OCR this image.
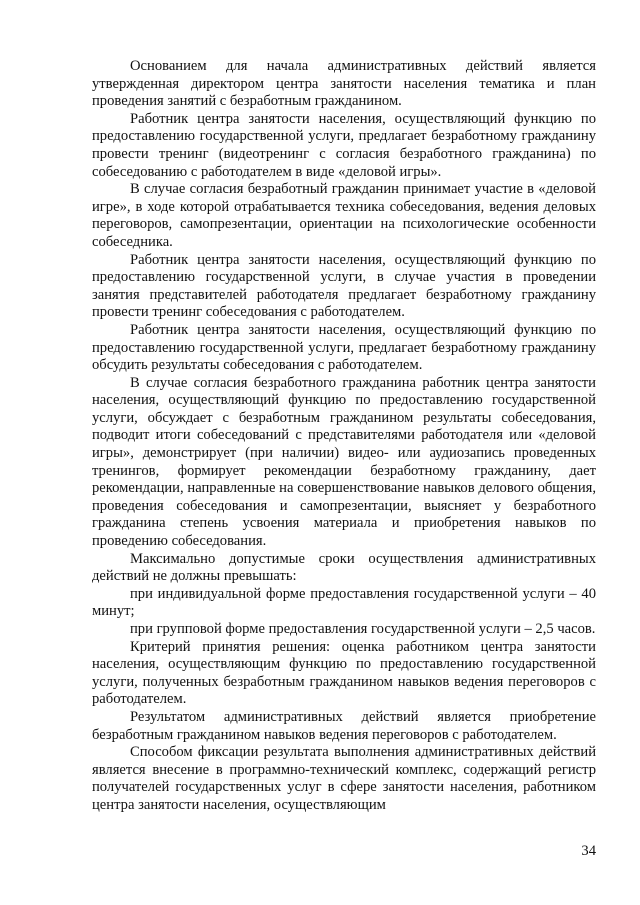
Основанием для начала административных действий является утвержденная директором центра занятости населения тематика и план проведения занятий с безработным гражданином.

Работник центра занятости населения, осуществляющий функцию по предоставлению государственной услуги, предлагает безработному гражданину провести тренинг (видеотренинг с согласия безработного гражданина) по собеседованию с работодателем в виде «деловой игры».

В случае согласия безработный гражданин принимает участие в «деловой игре», в ходе которой отрабатывается техника собеседования, ведения деловых переговоров, самопрезентации, ориентации на психологические особенности собеседника.

Работник центра занятости населения, осуществляющий функцию по предоставлению государственной услуги, в случае участия в проведении занятия представителей работодателя предлагает безработному гражданину провести тренинг собеседования с работодателем.

Работник центра занятости населения, осуществляющий функцию по предоставлению государственной услуги, предлагает безработному гражданину обсудить результаты собеседования с работодателем.

В случае согласия безработного гражданина работник центра занятости населения, осуществляющий функцию по предоставлению государственной услуги, обсуждает с безработным гражданином результаты собеседования, подводит итоги собеседований с представителями работодателя или «деловой игры», демонстрирует (при наличии) видео- или аудиозапись проведенных тренингов, формирует рекомендации безработному гражданину, дает рекомендации, направленные на совершенствование навыков делового общения, проведения собеседования и самопрезентации, выясняет у безработного гражданина степень усвоения материала и приобретения навыков по проведению собеседования.

Максимально допустимые сроки осуществления административных действий не должны превышать:

при индивидуальной форме предоставления государственной услуги – 40 минут;

при групповой форме предоставления государственной услуги – 2,5 часов.

Критерий принятия решения: оценка работником центра занятости населения, осуществляющим функцию по предоставлению государственной услуги, полученных безработным гражданином навыков ведения переговоров с работодателем.

Результатом административных действий является приобретение безработным гражданином навыков ведения переговоров с работодателем.

Способом фиксации результата выполнения административных действий является внесение в программно-технический комплекс, содержащий регистр получателей государственных услуг в сфере занятости населения, работником центра занятости населения, осуществляющим

34
